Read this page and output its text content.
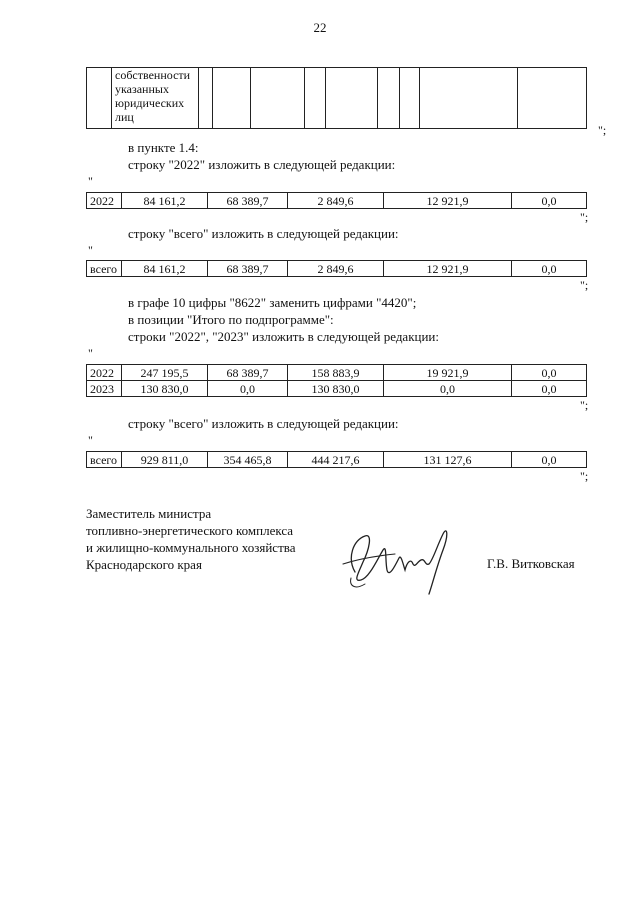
22

собственности
указанных
юридических
лиц

";
в пункте 1.4:
строку "2022" изложить в следующей редакции:
"
2022	84 161,2	68 389,7	2 849,6	12 921,9	0,0
";
строку "всего" изложить в следующей редакции:
"
всего	84 161,2	68 389,7	2 849,6	12 921,9	0,0
";
в графе 10 цифры "8622" заменить цифрами "4420";
в позиции "Итого по подпрограмме":
строки "2022", "2023" изложить в следующей редакции:
"
2022	247 195,5	68 389,7	158 883,9	19 921,9	0,0
2023	130 830,0	0,0	130 830,0	0,0	0,0
";
строку "всего" изложить в следующей редакции:
"
всего	929 811,0	354 465,8	444 217,6	131 127,6	0,0
";
Заместитель министра
топливно-энергетического комплекса
и жилищно-коммунального хозяйства
Краснодарского края	Г.В. Витковская
